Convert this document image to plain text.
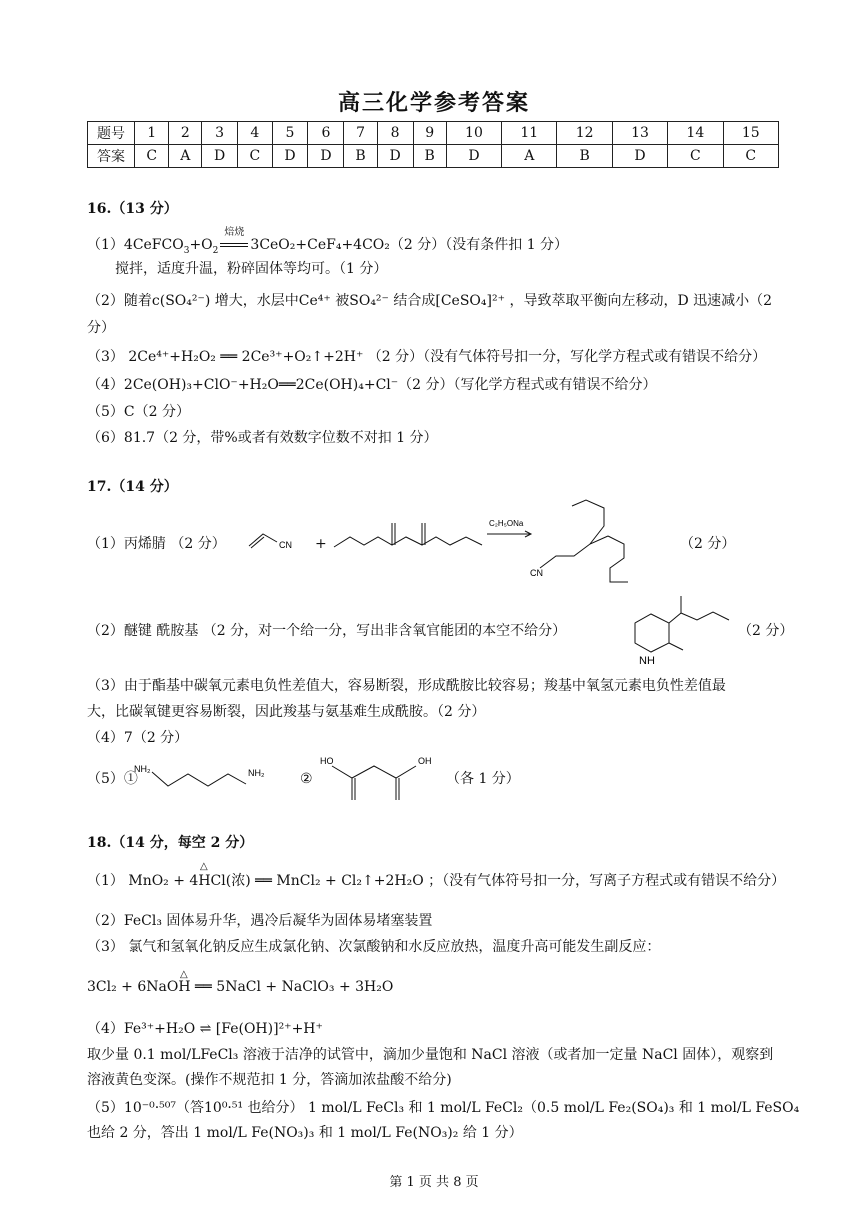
高三化学参考答案
题号	1	2	3	4	5	6	7	8	9	10	11	12	13	14	15
答案	C	A	D	C	D	D	B	D	B	D	A	B	D	C	C
16.（13 分）
$(1)4CeFCO_3+O_2$
焙烧
3CeO₂+CeF₄+4CO₂（2 分）（没有条件扣 1 分）
搅拌，适度升温，粉碎固体等均可。（1 分）
（2）随着c(SO₄²⁻) 增大，水层中Ce⁴⁺ 被SO₄²⁻ 结合成[CeSO₄]²⁺ ，导致萃取平衡向左移动，D 迅速减小（2
分）
（3） 2Ce⁴⁺+H₂O₂ ══ 2Ce³⁺+O₂↑+2H⁺ （2 分）（没有气体符号扣一分，写化学方程式或有错误不给分）
（4）2Ce(OH)₃+ClO⁻+H₂O══2Ce(OH)₄+Cl⁻（2 分）（写化学方程式或有错误不给分）
（5）C（2 分）
（6）81.7（2 分，带%或者有效数字位数不对扣 1 分）
17.（14 分）
（1）丙烯腈 （2 分）	CN +
C₂H₅ONa
CN
（2 分）
（2）醚键 酰胺基 （2 分，对一个给一分，写出非含氧官能团的本空不给分）
NH
（2 分）
（3）由于酯基中碳氧元素电负性差值大，容易断裂，形成酰胺比较容易；羧基中氧氢元素电负性差值最
大，比碳氧键更容易断裂，因此羧基与氨基难生成酰胺。（2 分）
（4）7（2 分）
（5）①
NH₂	NH₂	②
HO	OH
（各 1 分）
18.（14 分，每空 2 分）
△
（1） MnO₂ + 4HCl(浓) ══ MnCl₂ + Cl₂↑+2H₂O ；（没有气体符号扣一分，写离子方程式或有错误不给分）
（2）FeCl₃ 固体易升华，遇冷后凝华为固体易堵塞装置
（3） 氯气和氢氧化钠反应生成氯化钠、次氯酸钠和水反应放热，温度升高可能发生副反应：
△
3Cl₂ + 6NaOH ══ 5NaCl + NaClO₃ + 3H₂O
（4）Fe³⁺+H₂O ⇌ [Fe(OH)]²⁺+H⁺
取少量 0.1 mol/LFeCl₃ 溶液于洁净的试管中，滴加少量饱和 NaCl 溶液（或者加一定量 NaCl 固体），观察到
溶液黄色变深。(操作不规范扣 1 分，答滴加浓盐酸不给分)
（5）10⁻⁰·⁵⁰⁷（答10⁰·⁵¹ 也给分） 1 mol/L FeCl₃ 和 1 mol/L FeCl₂（0.5 mol/L Fe₂(SO₄)₃ 和 1 mol/L FeSO₄
也给 2 分，答出 1 mol/L Fe(NO₃)₃ 和 1 mol/L Fe(NO₃)₂ 给 1 分）
第 1 页 共 8 页
